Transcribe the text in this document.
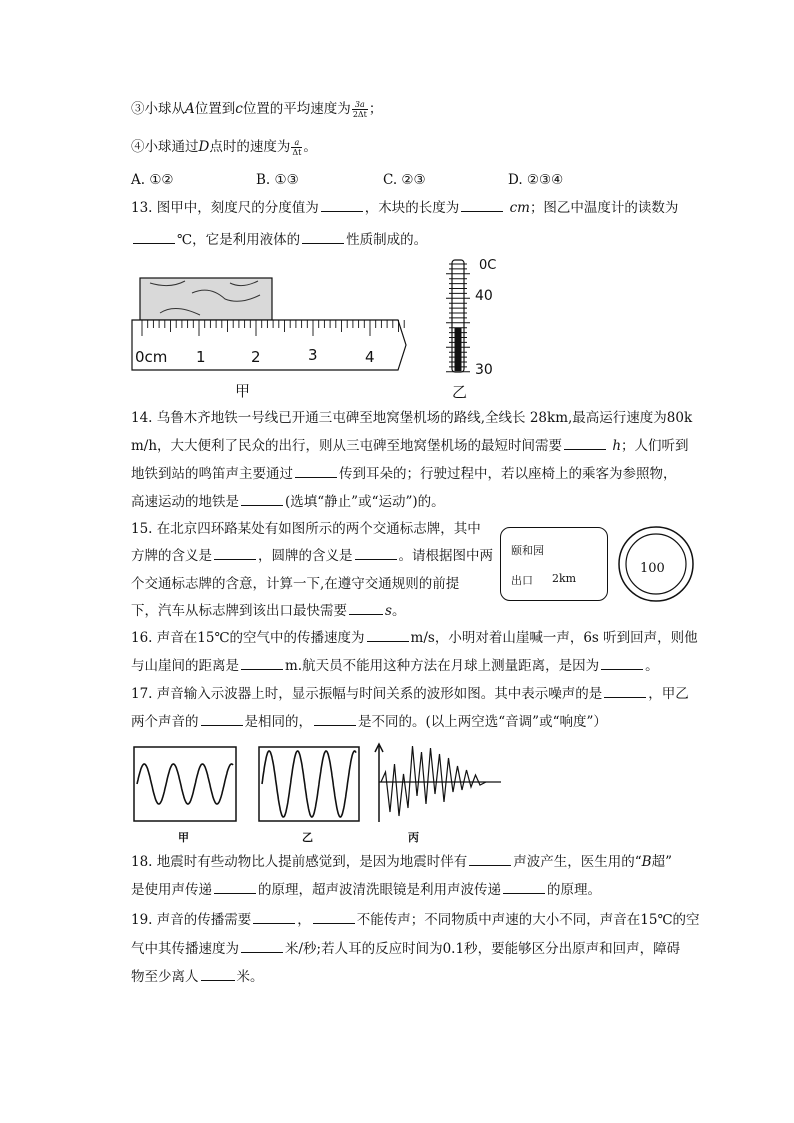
③小球从A位置到c位置的平均速度为 $\frac{3a}{2\Delta t}$ ；
④小球通过D点时的速度为 $\frac{a}{\Delta t}$ 。
A. ①②	B. ①③	C. ②③	D. ②③④
13. 图甲中，刻度尺的分度值为	，木块的长度为	cm；图乙中温度计的读数为
℃，它是利用液体的	性质制成的。
0cm 1	2	3	4
甲
0C
40
30
乙
14. 乌鲁木齐地铁一号线已开通三屯碑至地窝堡机场的路线,全线长 28km,最高运行速度为80k
m/h，大大便利了民众的出行，则从三屯碑至地窝堡机场的最短时间需要	h；人们听到
地铁到站的鸣笛声主要通过	传到耳朵的；行驶过程中，若以座椅上的乘客为参照物，
高速运动的地铁是	(选填“静止”或“运动”)的。
15. 在北京四环路某处有如图所示的两个交通标志牌，其中
方牌的含义是	，圆牌的含义是	。请根据图中两
个交通标志牌的含意，计算一下,在遵守交通规则的前提
下，汽车从标志牌到该出口最快需要	s。
颐和园
出口 2km
100
16. 声音在15℃的空气中的传播速度为	m/s，小明对着山崖喊一声，6s 听到回声，则他
与山崖间的距离是	m.航天员不能用这种方法在月球上测量距离，是因为	。
17. 声音输入示波器上时，显示振幅与时间关系的波形如图。其中表示噪声的是	，甲乙
两个声音的	是相同的，	是不同的。(以上两空选“音调”或“响度”）
甲	乙	丙
18. 地震时有些动物比人提前感觉到，是因为地震时伴有	声波产生，医生用的“B超”
是使用声传递	的原理，超声波清洗眼镜是利用声波传递	的原理。
19. 声音的传播需要	，	不能传声；不同物质中声速的大小不同，声音在15℃的空
气中其传播速度为	米/秒;若人耳的反应时间为0.1秒，要能够区分出原声和回声，障碍
物至少离人	米。
